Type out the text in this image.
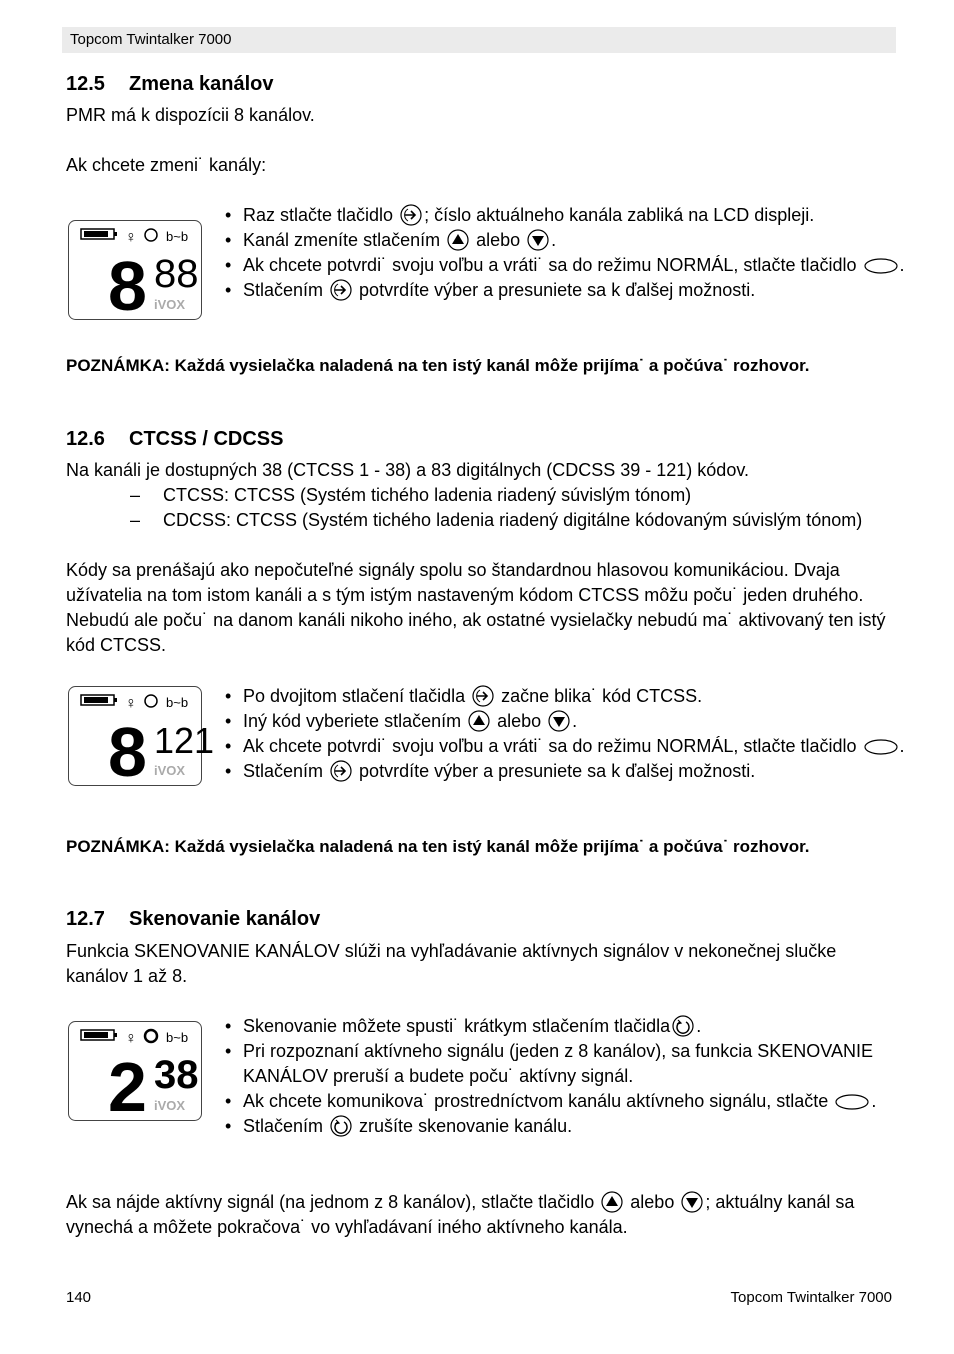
Topcom Twintalker 7000
12.5 Zmena kanálov
PMR má k dispozícii 8 kanálov.
Ak chcete zmeni˙ kanály:
♀ b~b
8 88
iVOX
• Raz stlačte tlačidlo ; číslo aktuálneho kanála zabliká na LCD displeji.
• Kanál zmeníte stlačením  alebo .
• Ak chcete potvrdi˙ svoju voľbu a vráti˙ sa do režimu NORMÁL, stlačte tlačidlo .
• Stlačením  potvrdíte výber a presuniete sa k ďalšej možnosti.
POZNÁMKA: Každá vysielačka naladená na ten istý kanál môže prijíma˙ a počúva˙ rozhovor.
12.6 CTCSS / CDCSS
Na kanáli je dostupných 38 (CTCSS 1 - 38) a 83 digitálnych (CDCSS 39 - 121) kódov.
– CTCSS: CTCSS (Systém tichého ladenia riadený súvislým tónom)
– CDCSS: CTCSS (Systém tichého ladenia riadený digitálne kódovaným súvislým tónom)
Kódy sa prenášajú ako nepočuteľné signály spolu so štandardnou hlasovou komunikáciou. Dvaja užívatelia na tom istom kanáli a s tým istým nastaveným kódom CTCSS môžu poču˙ jeden druhého. Nebudú ale poču˙ na danom kanáli nikoho iného, ak ostatné vysielačky nebudú ma˙ aktivovaný ten istý kód CTCSS.
♀ b~b
8 121
iVOX
• Po dvojitom stlačení tlačidla  začne blika˙ kód CTCSS.
• Iný kód vyberiete stlačením  alebo .
• Ak chcete potvrdi˙ svoju voľbu a vráti˙ sa do režimu NORMÁL, stlačte tlačidlo .
• Stlačením  potvrdíte výber a presuniete sa k ďalšej možnosti.
POZNÁMKA: Každá vysielačka naladená na ten istý kanál môže prijíma˙ a počúva˙ rozhovor.
12.7 Skenovanie kanálov
Funkcia SKENOVANIE KANÁLOV slúži na vyhľadávanie aktívnych signálov v nekonečnej slučke kanálov 1 až 8.
♀ b~b
2 38
iVOX
• Skenovanie môžete spusti˙ krátkym stlačením tlačidla .
• Pri rozpoznaní aktívneho signálu (jeden z 8 kanálov), sa funkcia SKENOVANIE KANÁLOV preruší a budete poču˙ aktívny signál.
• Ak chcete komunikova˙ prostredníctvom kanálu aktívneho signálu, stlačte .
• Stlačením  zrušíte skenovanie kanálu.
Ak sa nájde aktívny signál (na jednom z 8 kanálov), stlačte tlačidlo  alebo ; aktuálny kanál sa vynechá a môžete pokračova˙ vo vyhľadávaní iného aktívneho kanála.
140	Topcom Twintalker 7000
